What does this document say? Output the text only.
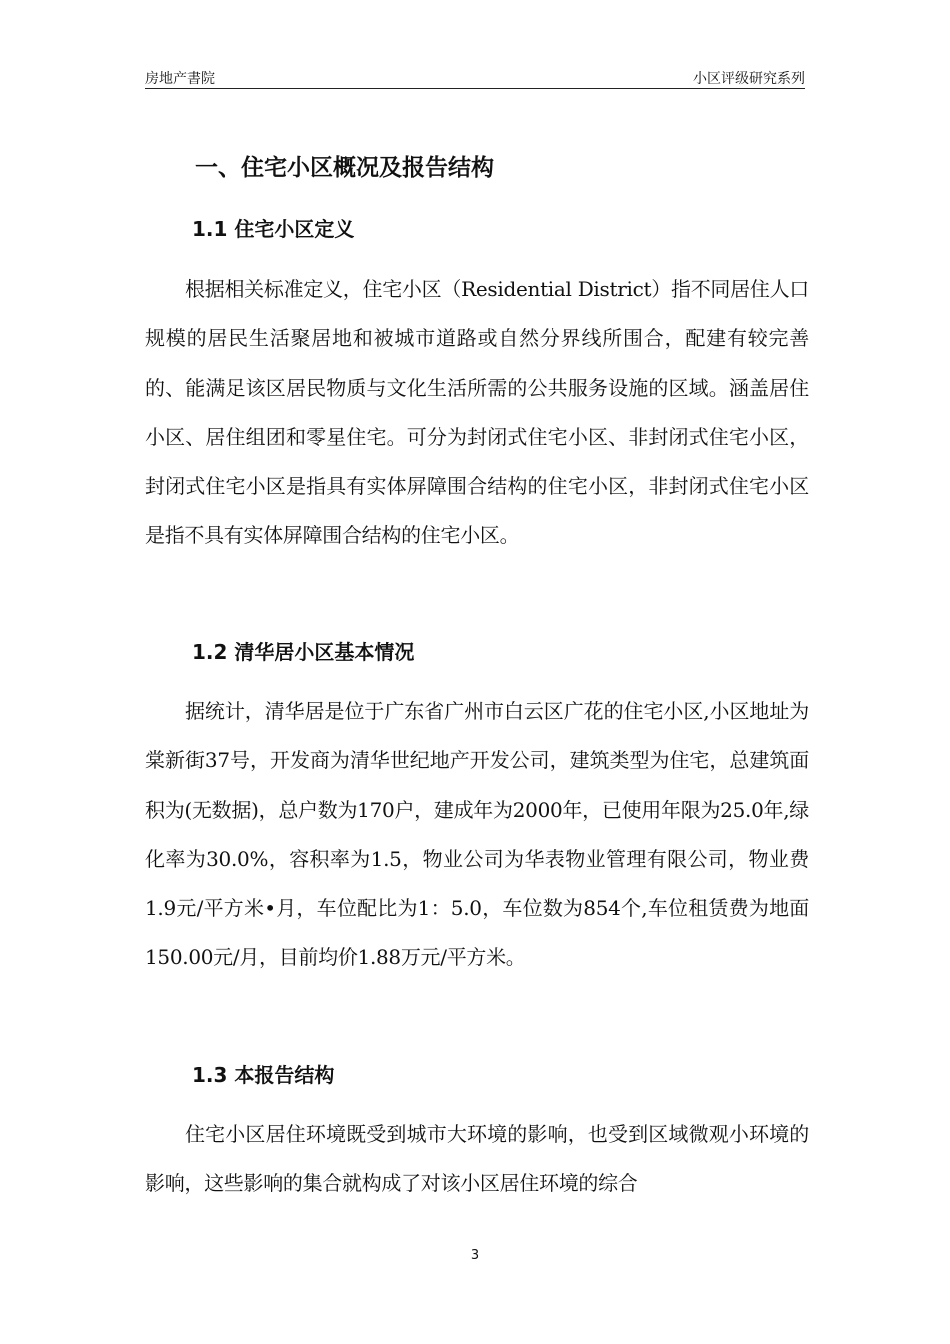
房地产書院	小区评级研究系列
一、住宅小区概况及报告结构
1.1 住宅小区定义
根据相关标准定义，住宅小区（Residential District）指不同居住人口规模的居民生活聚居地和被城市道路或自然分界线所围合，配建有较完善的、能满足该区居民物质与文化生活所需的公共服务设施的区域。涵盖居住小区、居住组团和零星住宅。可分为封闭式住宅小区、非封闭式住宅小区，封闭式住宅小区是指具有实体屏障围合结构的住宅小区，非封闭式住宅小区是指不具有实体屏障围合结构的住宅小区。
1.2 清华居小区基本情况
据统计，清华居是位于广东省广州市白云区广花的住宅小区,小区地址为棠新街37号，开发商为清华世纪地产开发公司，建筑类型为住宅，总建筑面积为(无数据)，总户数为170户，建成年为2000年，已使用年限为25.0年,绿化率为30.0%，容积率为1.5，物业公司为华表物业管理有限公司，物业费1.9元/平方米•月，车位配比为1：5.0，车位数为854个,车位租赁费为地面150.00元/月，目前均价1.88万元/平方米。
1.3 本报告结构
住宅小区居住环境既受到城市大环境的影响，也受到区域微观小环境的影响，这些影响的集合就构成了对该小区居住环境的综合
3
